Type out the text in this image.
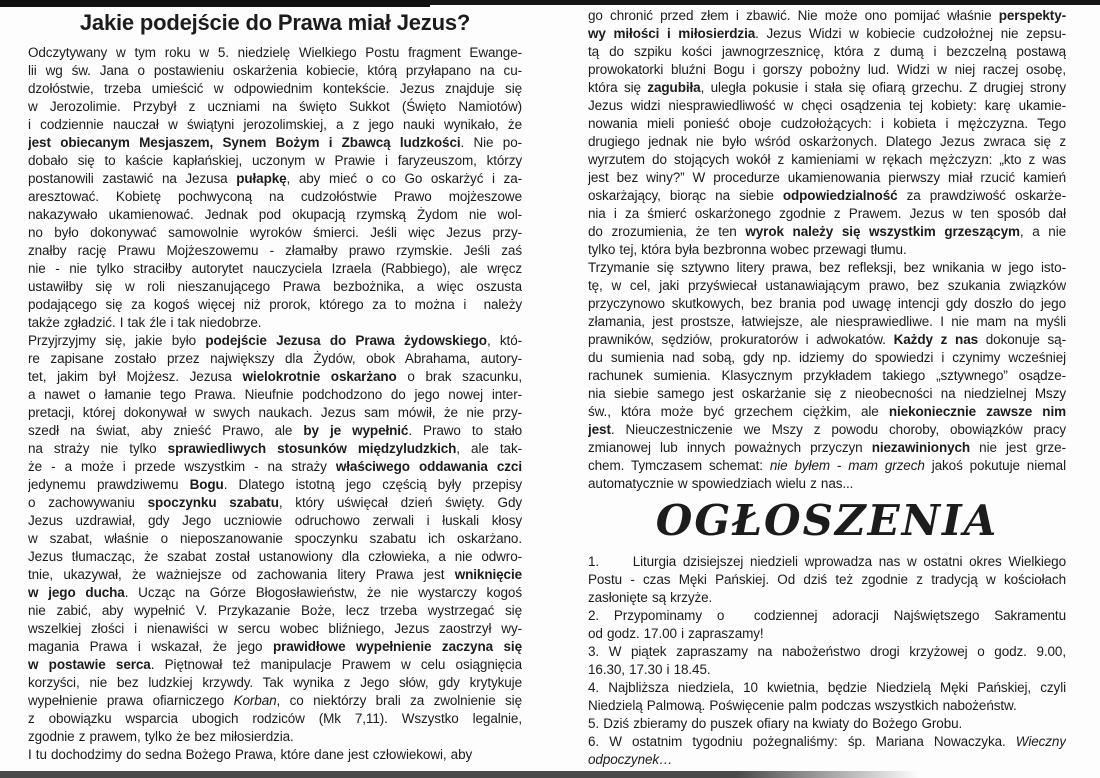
Jakie podejście do Prawa miał Jezus?
Odczytywany w tym roku w 5. niedzielę Wielkiego Postu fragment Ewange-
lii wg św. Jana o postawieniu oskarżenia kobiecie, którą przyłapano na cu-
dzołóstwie, trzeba umieścić w odpowiednim kontekście. Jezus znajduje się
w Jerozolimie. Przybył z uczniami na święto Sukkot (Święto Namiotów)
i codziennie nauczał w świątyni jerozolimskiej, a z jego nauki wynikało, że
jest obiecanym Mesjaszem, Synem Bożym i Zbawcą ludzkości. Nie po-
dobało się to kaście kapłańskiej, uczonym w Prawie i faryzeuszom, którzy
postanowili zastawić na Jezusa pułapkę, aby mieć o co Go oskarżyć i za-
aresztować. Kobietę pochwyconą na cudzołóstwie Prawo mojżeszowe
nakazywało ukamienować. Jednak pod okupacją rzymską Żydom nie wol-
no było dokonywać samowolnie wyroków śmierci. Jeśli więc Jezus przy-
znałby rację Prawu Mojżeszowemu - złamałby prawo rzymskie. Jeśli zaś
nie - nie tylko straciłby autorytet nauczyciela Izraela (Rabbiego), ale wręcz
ustawiłby się w roli nieszanującego Prawa bezbożnika, a więc oszusta
podającego się za kogoś więcej niż prorok, którego za to można i  należy
także zgładzić. I tak źle i tak niedobrze.
Przyjrzyjmy się, jakie było podejście Jezusa do Prawa żydowskiego, któ-
re zapisane zostało przez największy dla Żydów, obok Abrahama, autory-
tet, jakim był Mojżesz. Jezusa wielokrotnie oskarżano o brak szacunku,
a nawet o łamanie tego Prawa. Nieufnie podchodzono do jego nowej inter-
pretacji, której dokonywał w swych naukach. Jezus sam mówił, że nie przy-
szedł na świat, aby znieść Prawo, ale by je wypełnić. Prawo to stało
na straży nie tylko sprawiedliwych stosunków międzyludzkich, ale tak-
że - a może i przede wszystkim - na straży właściwego oddawania czci
jedynemu prawdziwemu Bogu. Dlatego istotną jego częścią były przepisy
o zachowywaniu spoczynku szabatu, który uświęcał dzień święty. Gdy
Jezus uzdrawiał, gdy Jego uczniowie odruchowo zerwali i łuskali kłosy
w szabat, właśnie o nieposzanowanie spoczynku szabatu ich oskarżano.
Jezus tłumacząc, że szabat został ustanowiony dla człowieka, a nie odwro-
tnie, ukazywał, że ważniejsze od zachowania litery Prawa jest wniknięcie
w jego ducha. Ucząc na Górze Błogosławieństw, że nie wystarczy kogoś
nie zabić, aby wypełnić V. Przykazanie Boże, lecz trzeba wystrzegać się
wszelkiej złości i nienawiści w sercu wobec bliźniego, Jezus zaostrzył wy-
magania Prawa i wskazał, że jego prawidłowe wypełnienie zaczyna się
w postawie serca. Piętnował też manipulacje Prawem w celu osiągnięcia
korzyści, nie bez ludzkiej krzywdy. Tak wynika z Jego słów, gdy krytykuje
wypełnienie prawa ofiarniczego Korban, co niektórzy brali za zwolnienie się
z obowiązku wsparcia ubogich rodziców (Mk 7,11). Wszystko legalnie,
zgodnie z prawem, tylko że bez miłosierdzia.
I tu dochodzimy do sedna Bożego Prawa, które dane jest człowiekowi, aby
go chronić przed złem i zbawić. Nie może ono pomijać właśnie perspekty-
wy miłości i miłosierdzia. Jezus Widzi w kobiecie cudzołożnej nie zepsu-
tą do szpiku kości jawnogrzesznicę, która z dumą i bezczelną postawą
prowokatorki bluźni Bogu i gorszy pobożny lud. Widzi w niej raczej osobę,
która się zagubiła, uległa pokusie i stała się ofiarą grzechu. Z drugiej strony
Jezus widzi niesprawiedliwość w chęci osądzenia tej kobiety: karę ukamie-
nowania mieli ponieść oboje cudzołożących: i kobieta i mężczyzna. Tego
drugiego jednak nie było wśród oskarżonych. Dlatego Jezus zwraca się z
wyrzutem do stojących wokół z kamieniami w rękach mężczyzn: „kto z was
jest bez winy?” W procedurze ukamienowania pierwszy miał rzucić kamień
oskarżający, biorąc na siebie odpowiedzialność za prawdziwość oskarże-
nia i za śmierć oskarżonego zgodnie z Prawem. Jezus w ten sposób dał
do zrozumienia, że ten wyrok należy się wszystkim grzeszącym, a nie
tylko tej, która była bezbronna wobec przewagi tłumu.
Trzymanie się sztywno litery prawa, bez refleksji, bez wnikania w jego isto-
tę, w cel, jaki przyświecał ustanawiającym prawo, bez szukania związków
przyczynowo skutkowych, bez brania pod uwagę intencji gdy doszło do jego
złamania, jest prostsze, łatwiejsze, ale niesprawiedliwe. I nie mam na myśli
prawników, sędziów, prokuratorów i adwokatów. Każdy z nas dokonuje są-
du sumienia nad sobą, gdy np. idziemy do spowiedzi i czynimy wcześniej
rachunek sumienia. Klasycznym przykładem takiego „sztywnego” osądze-
nia siebie samego jest oskarżanie się z nieobecności na niedzielnej Mszy
św., która może być grzechem ciężkim, ale niekoniecznie zawsze nim
jest. Nieuczestniczenie we Mszy z powodu choroby, obowiązków pracy
zmianowej lub innych poważnych przyczyn niezawinionych nie jest grze-
chem. Tymczasem schemat: nie byłem - mam grzech jakoś pokutuje niemal
automatycznie w spowiedziach wielu z nas...
OGŁOSZENIA
1.     Liturgia dzisiejszej niedzieli wprowadza nas w ostatni okres Wielkiego
Postu - czas Męki Pańskiej. Od dziś też zgodnie z tradycją w kościołach
zasłonięte są krzyże.
2. Przypominamy o  codziennej adoracji Najświętszego Sakramentu
od godz. 17.00 i zapraszamy!
3. W piątek zapraszamy na nabożeństwo drogi krzyżowej o godz. 9.00,
16.30, 17.30 i 18.45.
4. Najbliższa niedziela, 10 kwietnia, będzie Niedzielą Męki Pańskiej, czyli
Niedzielą Palmową. Poświęcenie palm podczas wszystkich nabożeństw.
5. Dziś zbieramy do puszek ofiary na kwiaty do Bożego Grobu.
6. W ostatnim tygodniu pożegnaliśmy: śp. Mariana Nowaczyka. Wieczny
odpoczynek…
